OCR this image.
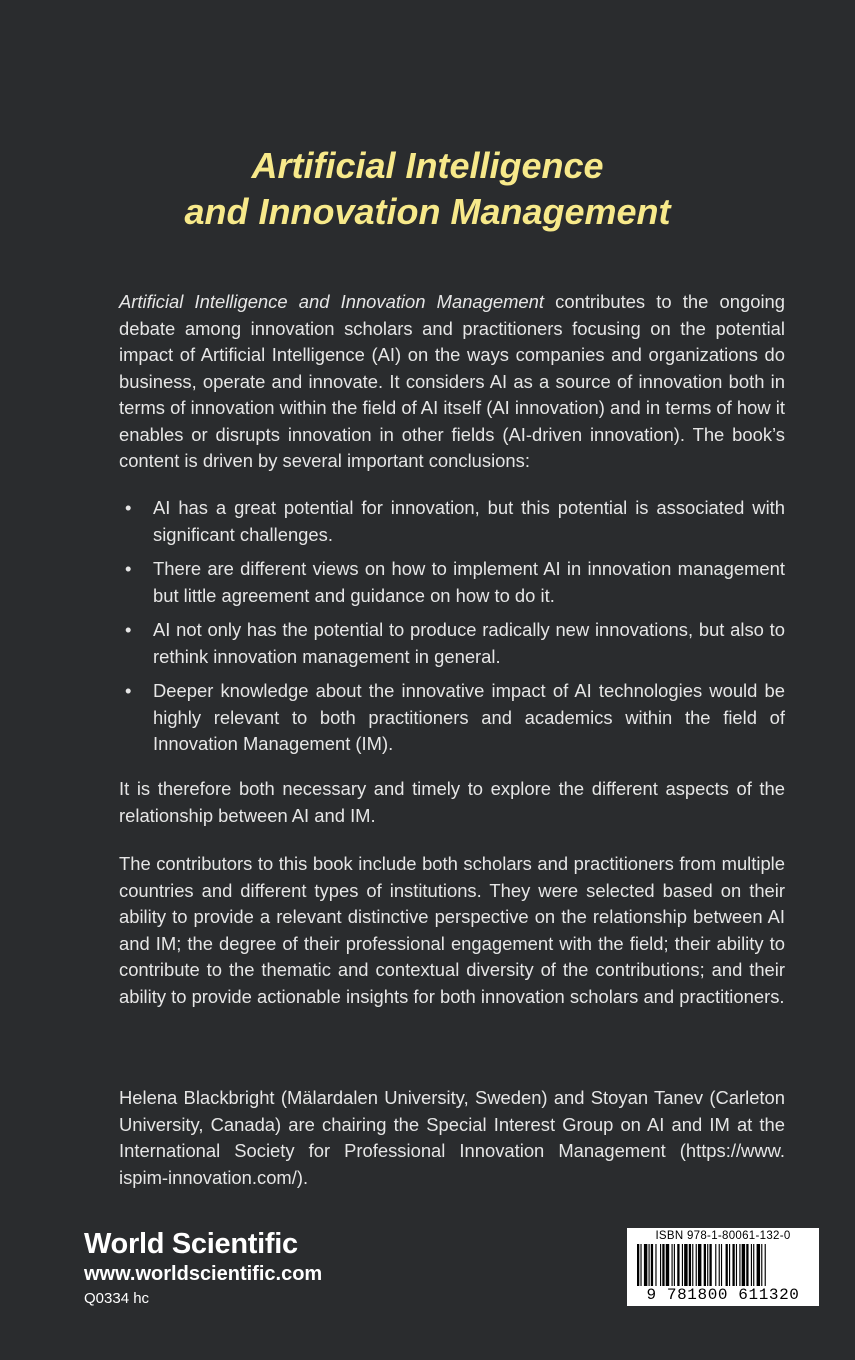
Artificial Intelligence
and Innovation Management
Artificial Intelligence and Innovation Management contributes to the ongoing debate among innovation scholars and practitioners focusing on the potential impact of Artificial Intelligence (AI) on the ways companies and organizations do business, operate and innovate. It considers AI as a source of innovation both in terms of innovation within the field of AI itself (AI innovation) and in terms of how it enables or disrupts innovation in other fields (AI-driven innovation). The book’s content is driven by several important conclusions:
•	AI has a great potential for innovation, but this potential is associated with significant challenges.
•	There are different views on how to implement AI in innovation management but little agreement and guidance on how to do it.
•	AI not only has the potential to produce radically new innovations, but also to rethink innovation management in general.
•	Deeper knowledge about the innovative impact of AI technologies would be highly relevant to both practitioners and academics within the field of Innovation Management (IM).
It is therefore both necessary and timely to explore the different aspects of the relationship between AI and IM.
The contributors to this book include both scholars and practitioners from multiple countries and different types of institutions. They were selected based on their ability to provide a relevant distinctive perspective on the relationship between AI and IM; the degree of their professional engagement with the field; their ability to contribute to the thematic and contextual diversity of the contributions; and their ability to provide actionable insights for both innovation scholars and practitioners.
Helena Blackbright (Mälardalen University, Sweden) and Stoyan Tanev (Carleton University, Canada) are chairing the Special Interest Group on AI and IM at the International Society for Professional Innovation Management (https://www. ispim-innovation.com/).
World Scientific
www.worldscientific.com
Q0334 hc
ISBN 978-1-80061-132-0
9 781800 611320
